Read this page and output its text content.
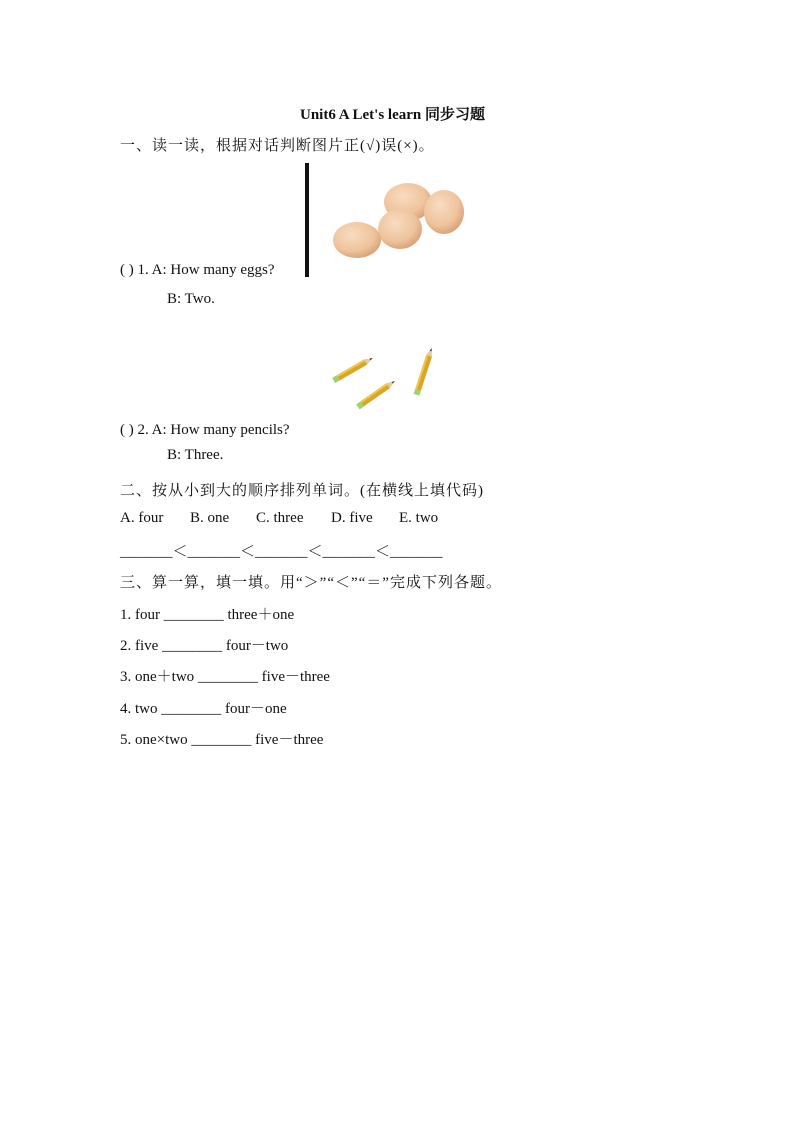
Unit6 A Let's learn 同步习题
一、读一读，根据对话判断图片正(√)误(×)。
( ) 1. A: How many eggs?
B: Two.
( ) 2. A: How many pencils?
B: Three.
二、按从小到大的顺序排列单词。(在横线上填代码)
A. four B. one C. three D. five E. two
_______＜_______＜_______＜_______＜_______
三、算一算，填一填。用“＞”“＜”“＝”完成下列各题。
1. four ________ three＋one
2. five ________ four－two
3. one＋two ________ five－three
4. two ________ four－one
5. one×two ________ five－three
